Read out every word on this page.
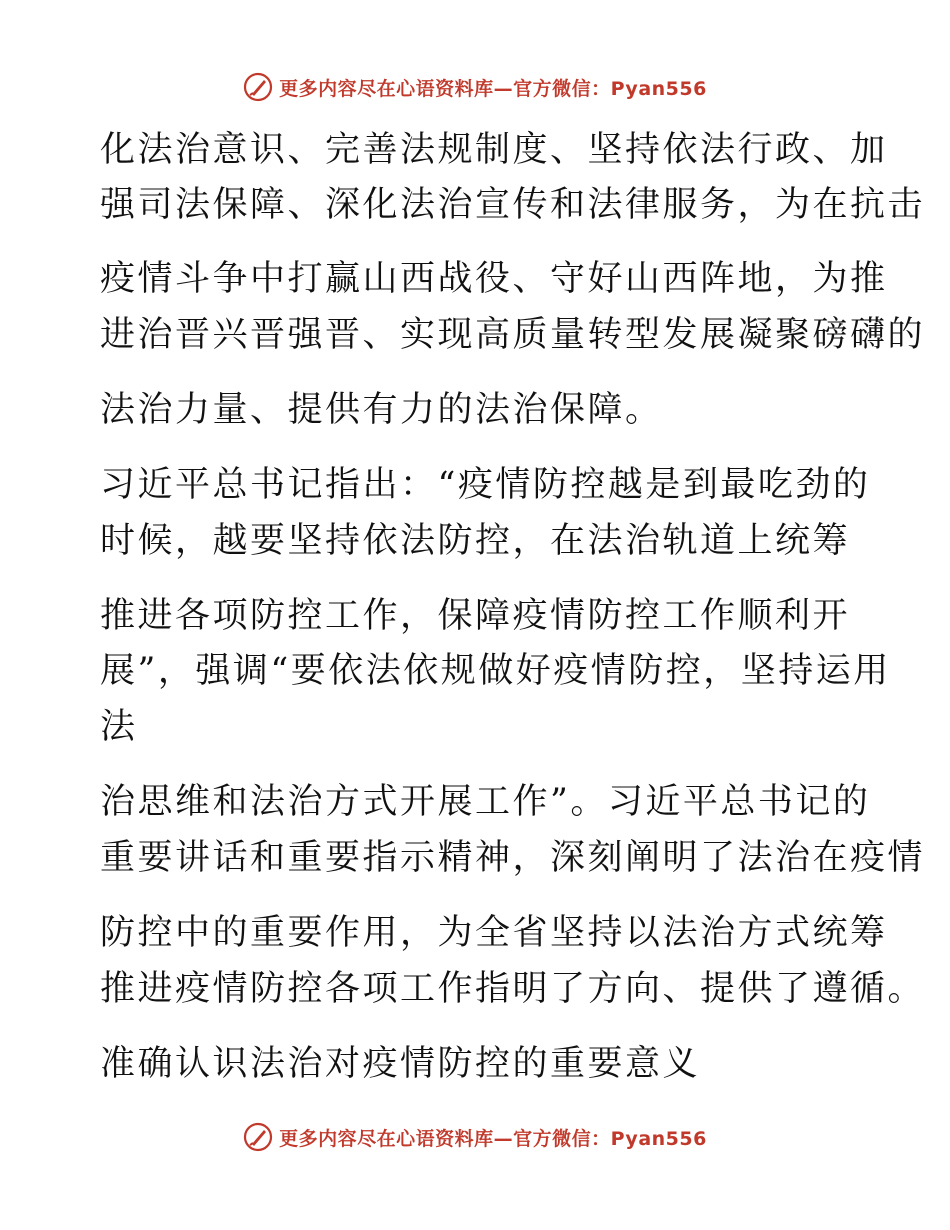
更多内容尽在心语资料库—官方微信：Pyan556
化法治意识、完善法规制度、坚持依法行政、加
强司法保障、深化法治宣传和法律服务，为在抗击
疫情斗争中打赢山西战役、守好山西阵地，为推
进治晋兴晋强晋、实现高质量转型发展凝聚磅礴的
法治力量、提供有力的法治保障。
习近平总书记指出：“疫情防控越是到最吃劲的
时候，越要坚持依法防控，在法治轨道上统筹
推进各项防控工作，保障疫情防控工作顺利开
展”，强调“要依法依规做好疫情防控，坚持运用
法
治思维和法治方式开展工作”。习近平总书记的
重要讲话和重要指示精神，深刻阐明了法治在疫情
防控中的重要作用，为全省坚持以法治方式统筹
推进疫情防控各项工作指明了方向、提供了遵循。
准确认识法治对疫情防控的重要意义
更多内容尽在心语资料库—官方微信：Pyan556
